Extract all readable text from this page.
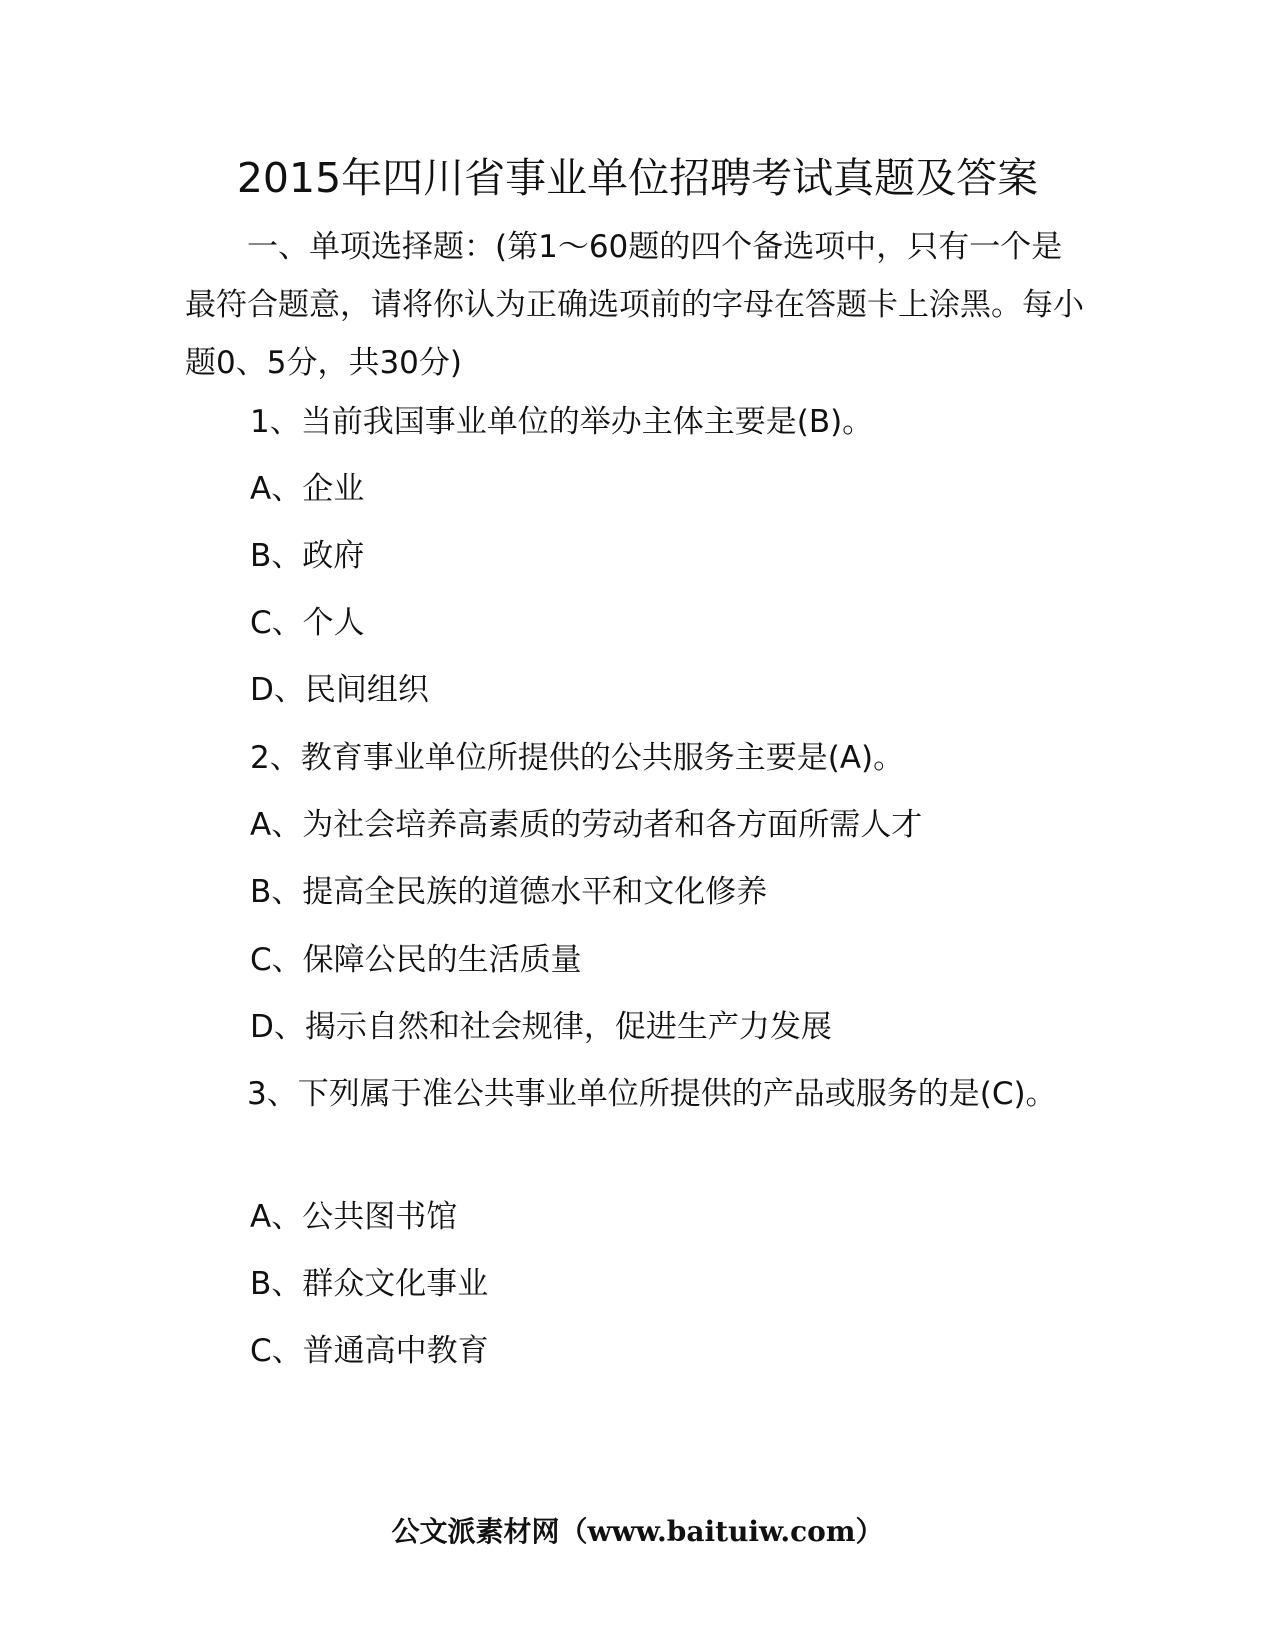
2015年四川省事业单位招聘考试真题及答案

一、单项选择题：(第1～60题的四个备选项中，只有一个是最符合题意，请将你认为正确选项前的字母在答题卡上涂黑。每小题0、5分，共30分)

1、当前我国事业单位的举办主体主要是(B)。

A、企业

B、政府

C、个人

D、民间组织

2、教育事业单位所提供的公共服务主要是(A)。

A、为社会培养高素质的劳动者和各方面所需人才

B、提高全民族的道德水平和文化修养

C、保障公民的生活质量

D、揭示自然和社会规律，促进生产力发展

3、下列属于准公共事业单位所提供的产品或服务的是(C)。

A、公共图书馆

B、群众文化事业

C、普通高中教育

公文派素材网（www.baituiw.com）
